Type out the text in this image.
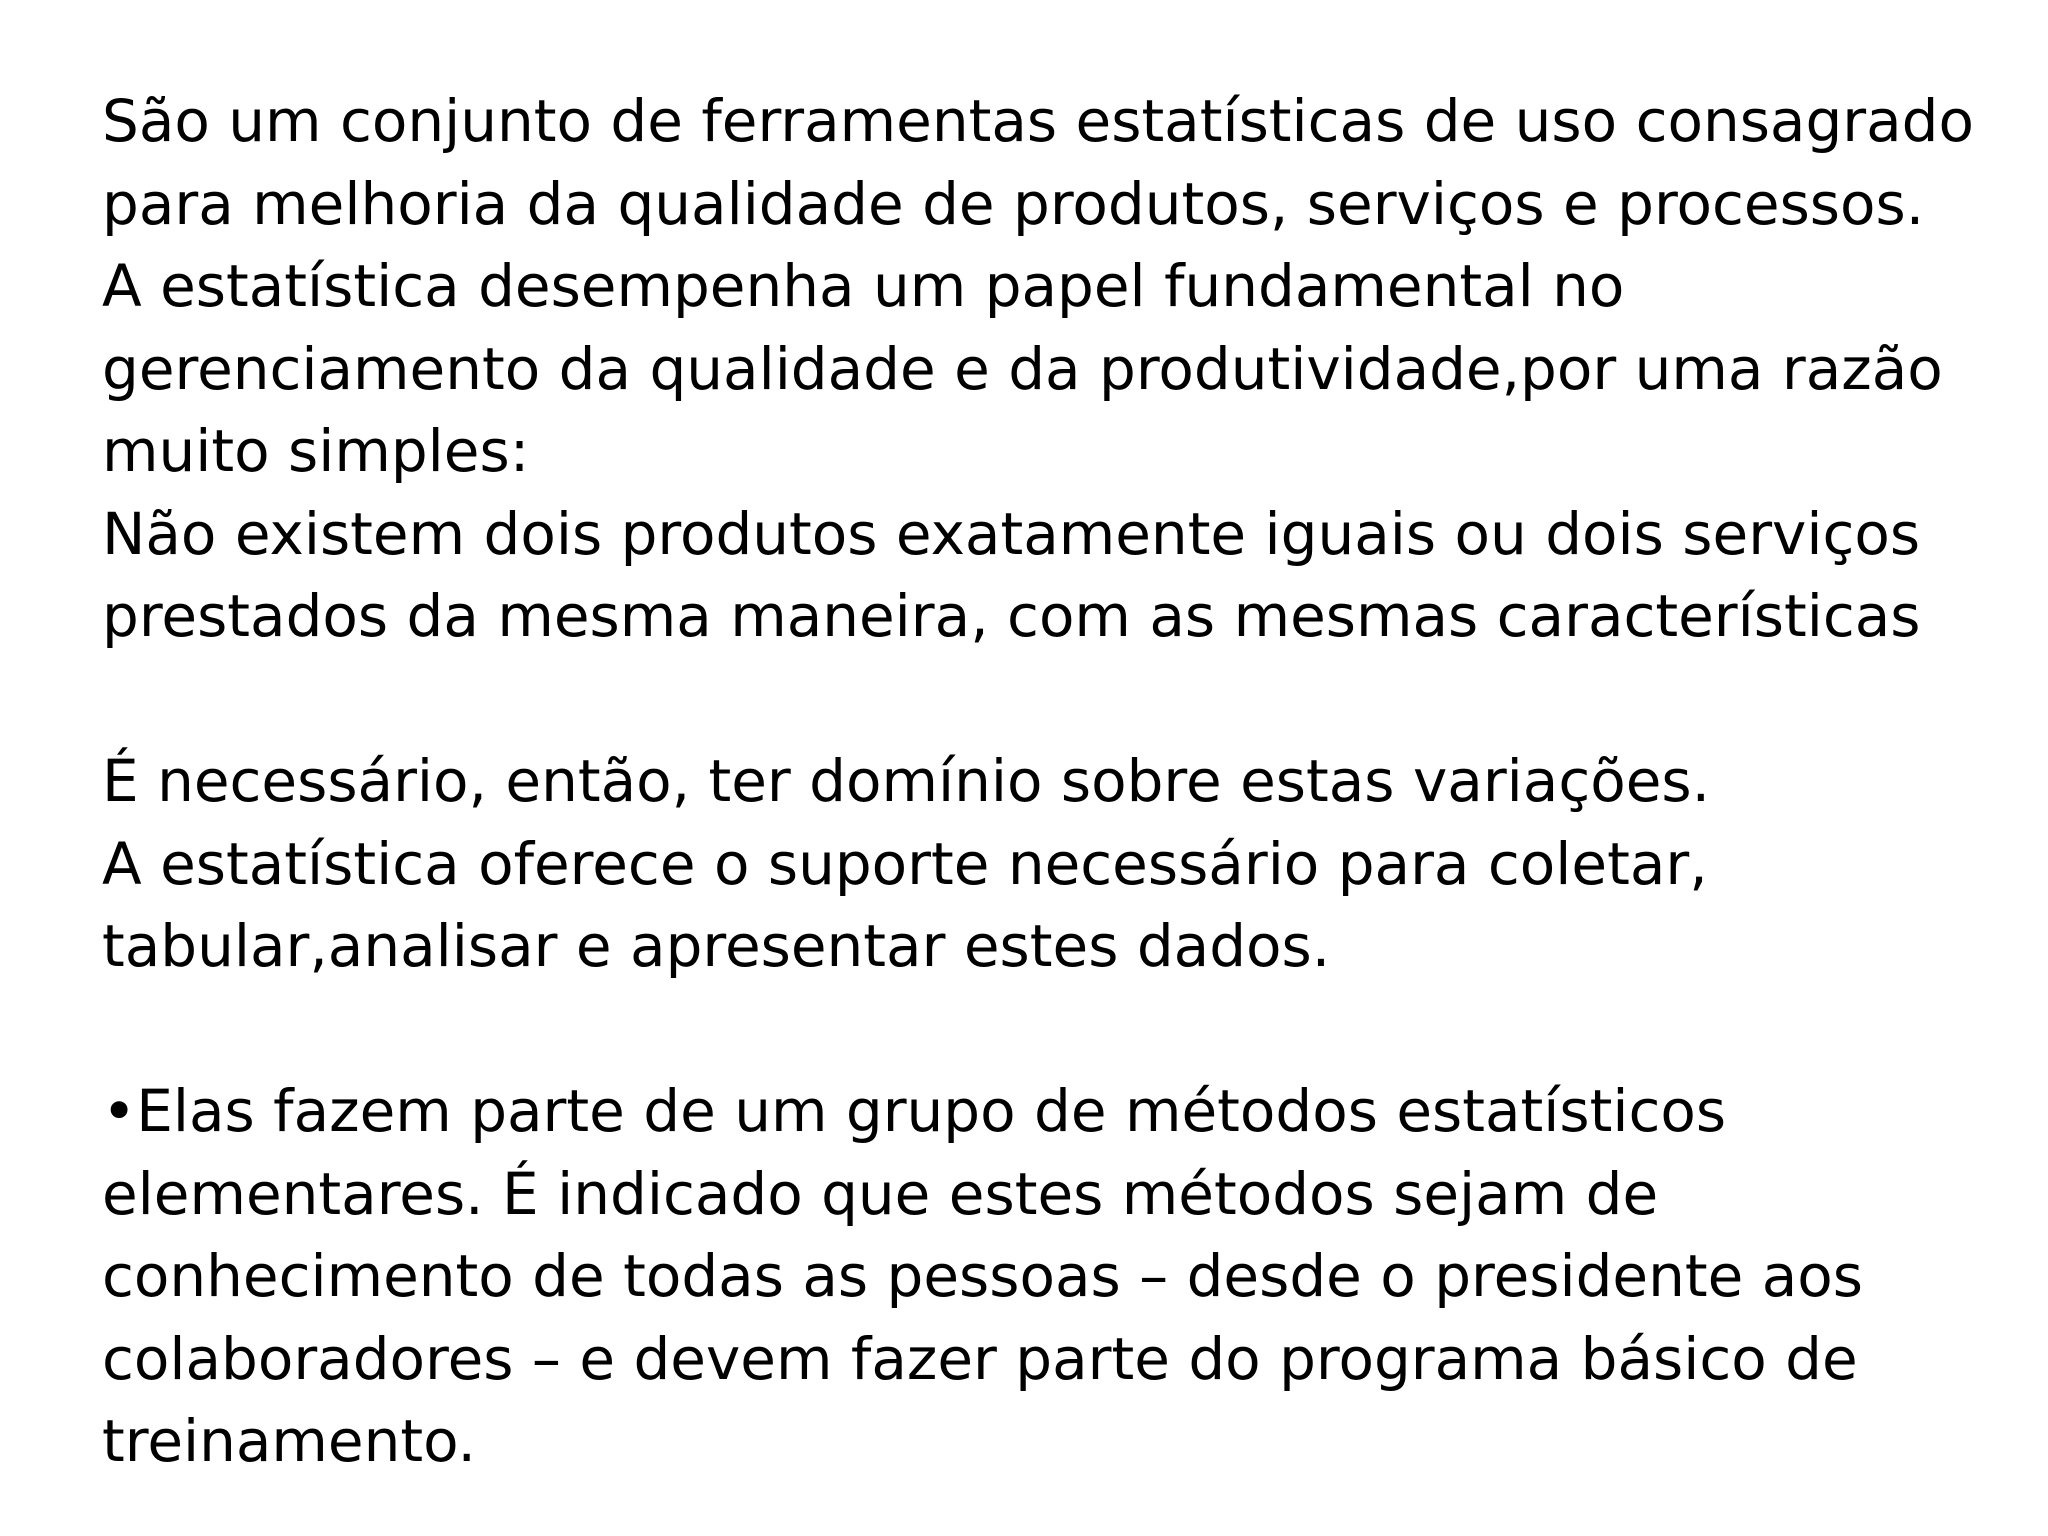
São um conjunto de ferramentas estatísticas de uso consagrado
para melhoria da qualidade de produtos, serviços e processos.
A estatística desempenha um papel fundamental no
gerenciamento da qualidade e da produtividade,por uma razão
muito simples:
Não existem dois produtos exatamente iguais ou dois serviços
prestados da mesma maneira, com as mesmas características
É necessário, então, ter domínio sobre estas variações.
A estatística oferece o suporte necessário para coletar,
tabular,analisar e apresentar estes dados.
•Elas fazem parte de um grupo de métodos estatísticos
elementares. É indicado que estes métodos sejam de
conhecimento de todas as pessoas – desde o presidente aos
colaboradores – e devem fazer parte do programa básico de
treinamento.
